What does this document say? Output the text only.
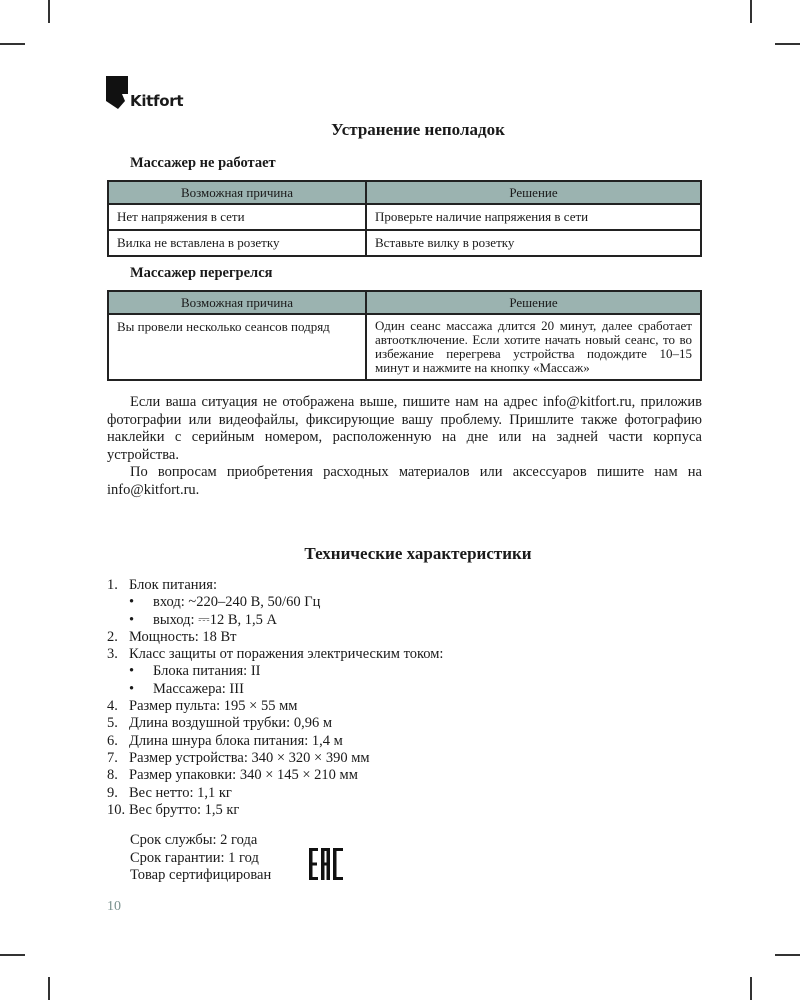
Kitfort
Устранение неполадок
Массажер не работает
Возможная причина	Решение
Нет напряжения в сети	Проверьте наличие напряжения в сети
Вилка не вставлена в розетку	Вставьте вилку в розетку
Массажер перегрелся
Возможная причина	Решение
Вы провели несколько сеансов подряд	Один сеанс массажа длится 20 минут, далее сработает автоотключение. Если хотите начать новый сеанс, то во избежание перегрева устройства подождите 10–15 минут и нажмите на кнопку «Массаж»

Если ваша ситуация не отображена выше, пишите нам на адрес info@kitfort.ru, приложив фотографии или видеофайлы, фиксирующие вашу проблему. Пришлите также фотографию наклейки с серийным номером, расположенную на дне или на задней части корпуса устройства.

По вопросам приобретения расходных материалов или аксессуаров пишите нам на info@kitfort.ru.

Технические характеристики
1. Блок питания:
• вход: ~220–240 В, 50/60 Гц
• выход: ⎓12 В, 1,5 А
2. Мощность: 18 Вт
3. Класс защиты от поражения электрическим током:
• Блока питания: II
• Массажера: III
4. Размер пульта: 195 × 55 мм
5. Длина воздушной трубки: 0,96 м
6. Длина шнура блока питания: 1,4 м
7. Размер устройства: 340 × 320 × 390 мм
8. Размер упаковки: 340 × 145 × 210 мм
9. Вес нетто: 1,1 кг
10. Вес брутто: 1,5 кг
Срок службы: 2 года
Срок гарантии: 1 год
Товар сертифицирован
10
